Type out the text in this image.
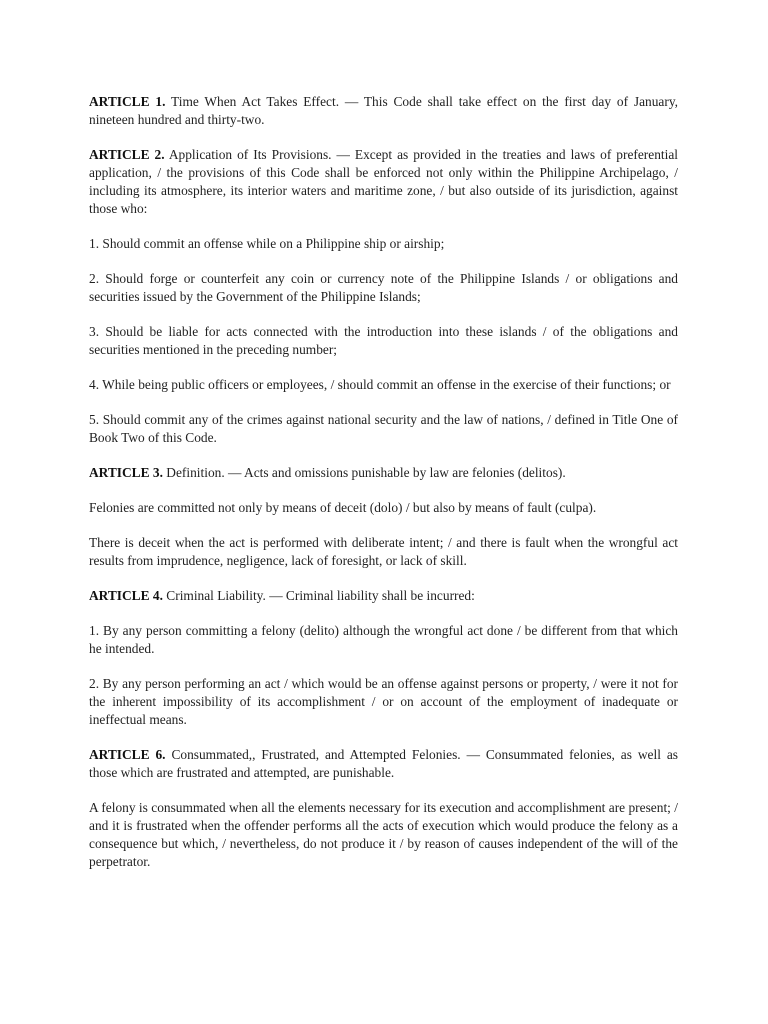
ARTICLE 1. Time When Act Takes Effect. — This Code shall take effect on the first day of January, nineteen hundred and thirty-two.

ARTICLE 2. Application of Its Provisions. — Except as provided in the treaties and laws of preferential application, / the provisions of this Code shall be enforced not only within the Philippine Archipelago, / including its atmosphere, its interior waters and maritime zone, / but also outside of its jurisdiction, against those who:

1. Should commit an offense while on a Philippine ship or airship;

2. Should forge or counterfeit any coin or currency note of the Philippine Islands / or obligations and securities issued by the Government of the Philippine Islands;

3. Should be liable for acts connected with the introduction into these islands / of the obligations and securities mentioned in the preceding number;

4. While being public officers or employees, / should commit an offense in the exercise of their functions; or

5. Should commit any of the crimes against national security and the law of nations, / defined in Title One of Book Two of this Code.

ARTICLE 3. Definition. — Acts and omissions punishable by law are felonies (delitos).

Felonies are committed not only by means of deceit (dolo) / but also by means of fault (culpa).

There is deceit when the act is performed with deliberate intent; / and there is fault when the wrongful act results from imprudence, negligence, lack of foresight, or lack of skill.

ARTICLE 4. Criminal Liability. — Criminal liability shall be incurred:

1. By any person committing a felony (delito) although the wrongful act done / be different from that which he intended.

2. By any person performing an act / which would be an offense against persons or property, / were it not for the inherent impossibility of its accomplishment / or on account of the employment of inadequate or ineffectual means.

ARTICLE 6. Consummated,, Frustrated, and Attempted Felonies. — Consummated felonies, as well as those which are frustrated and attempted, are punishable.

A felony is consummated when all the elements necessary for its execution and accomplishment are present; / and it is frustrated when the offender performs all the acts of execution which would produce the felony as a consequence but which, / nevertheless, do not produce it / by reason of causes independent of the will of the perpetrator.
